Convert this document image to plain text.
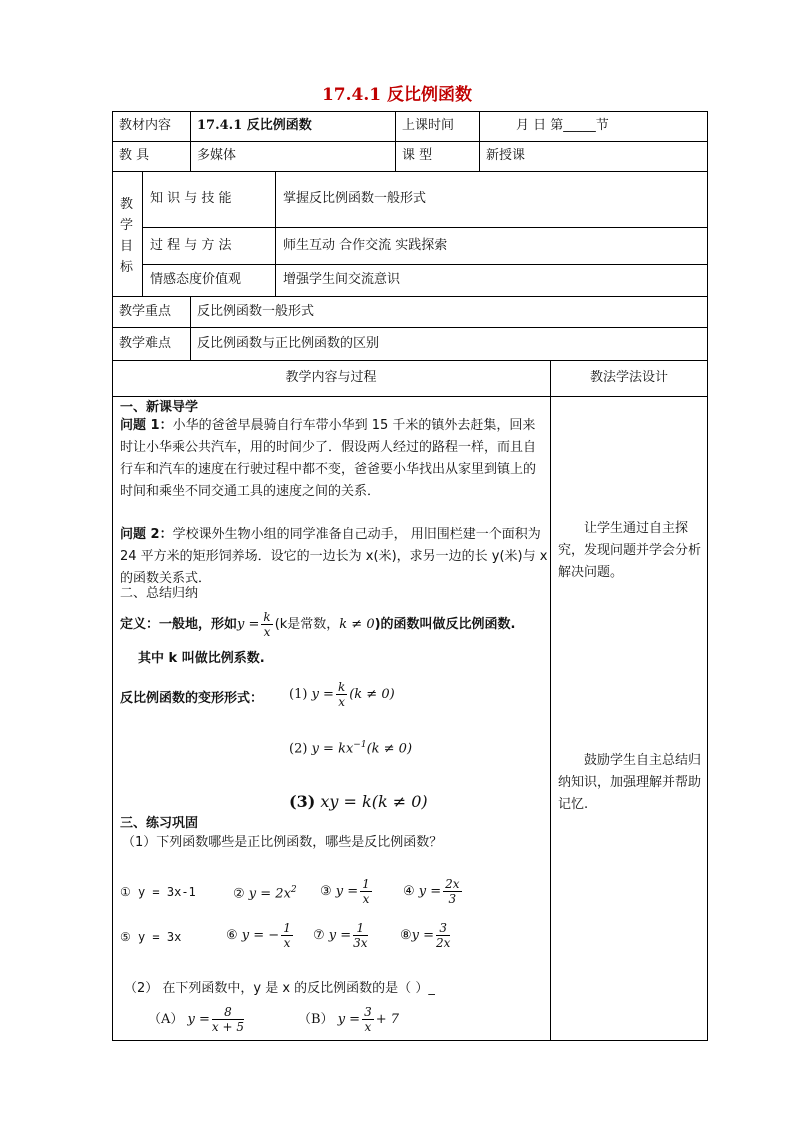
17.4.1 反比例函数
教材内容 17.4.1 反比例函数	上课时间	月 日 第_____节
教 具	多媒体	课 型	新授课
教
学
目
标
知 识 与 技 能	掌握反比例函数一般形式
过 程 与 方 法	师生互动 合作交流 实践探索
情感态度价值观	增强学生间交流意识
教学重点 反比例函数一般形式
教学难点 反比例函数与正比例函数的区别
教学内容与过程	教法学法设计
一、新课导学
问题 1：小华的爸爸早晨骑自行车带小华到 15 千米的镇外去赶集，回来时让小华乘公共汽车，用的时间少了．假设两人经过的路程一样，而且自行车和汽车的速度在行驶过程中都不变，爸爸要小华找出从家里到镇上的时间和乘坐不同交通工具的速度之间的关系．
问题 2：学校课外生物小组的同学准备自己动手， 用旧围栏建一个面积为 24 平方米的矩形饲养场．设它的一边长为 x(米)，求另一边的长 y(米)与 x 的函数关系式．
二、总结归纳
定义：一般地，形如$y = \frac{k}{x} (k$是常数，k ≠ 0)的函数叫做反比例函数.
其中 k 叫做比例系数.
反比例函数的变形形式： (1) $y = \frac{k}{x} (k \ne 0)$
(2) $y = kx^{-1}(k \ne 0)$
(3) xy = k(k ≠ 0)
三、练习巩固
（1）下列函数哪些是正比例函数，哪些是反比例函数？
① y = 3x-1	② $y = 2x^2$ ③ $y = \frac{1}{x}$ ④ $y = \frac{2x}{3}$
⑤ y = 3x	⑥ y = − $\frac{1}{x}$ ⑦ $y = \frac{1}{3x}$ ⑧y = $\frac{3}{2x}$
（2） 在下列函数中，y 是 x 的反比例函数的是（ ）_
（A） $y = \frac{8}{x + 5}$	（B） $y = \frac{3}{x} + 7$
让学生通过自主探究，发现问题并学会分析解决问题。
鼓励学生自主总结归纳知识，加强理解并帮助记忆.
